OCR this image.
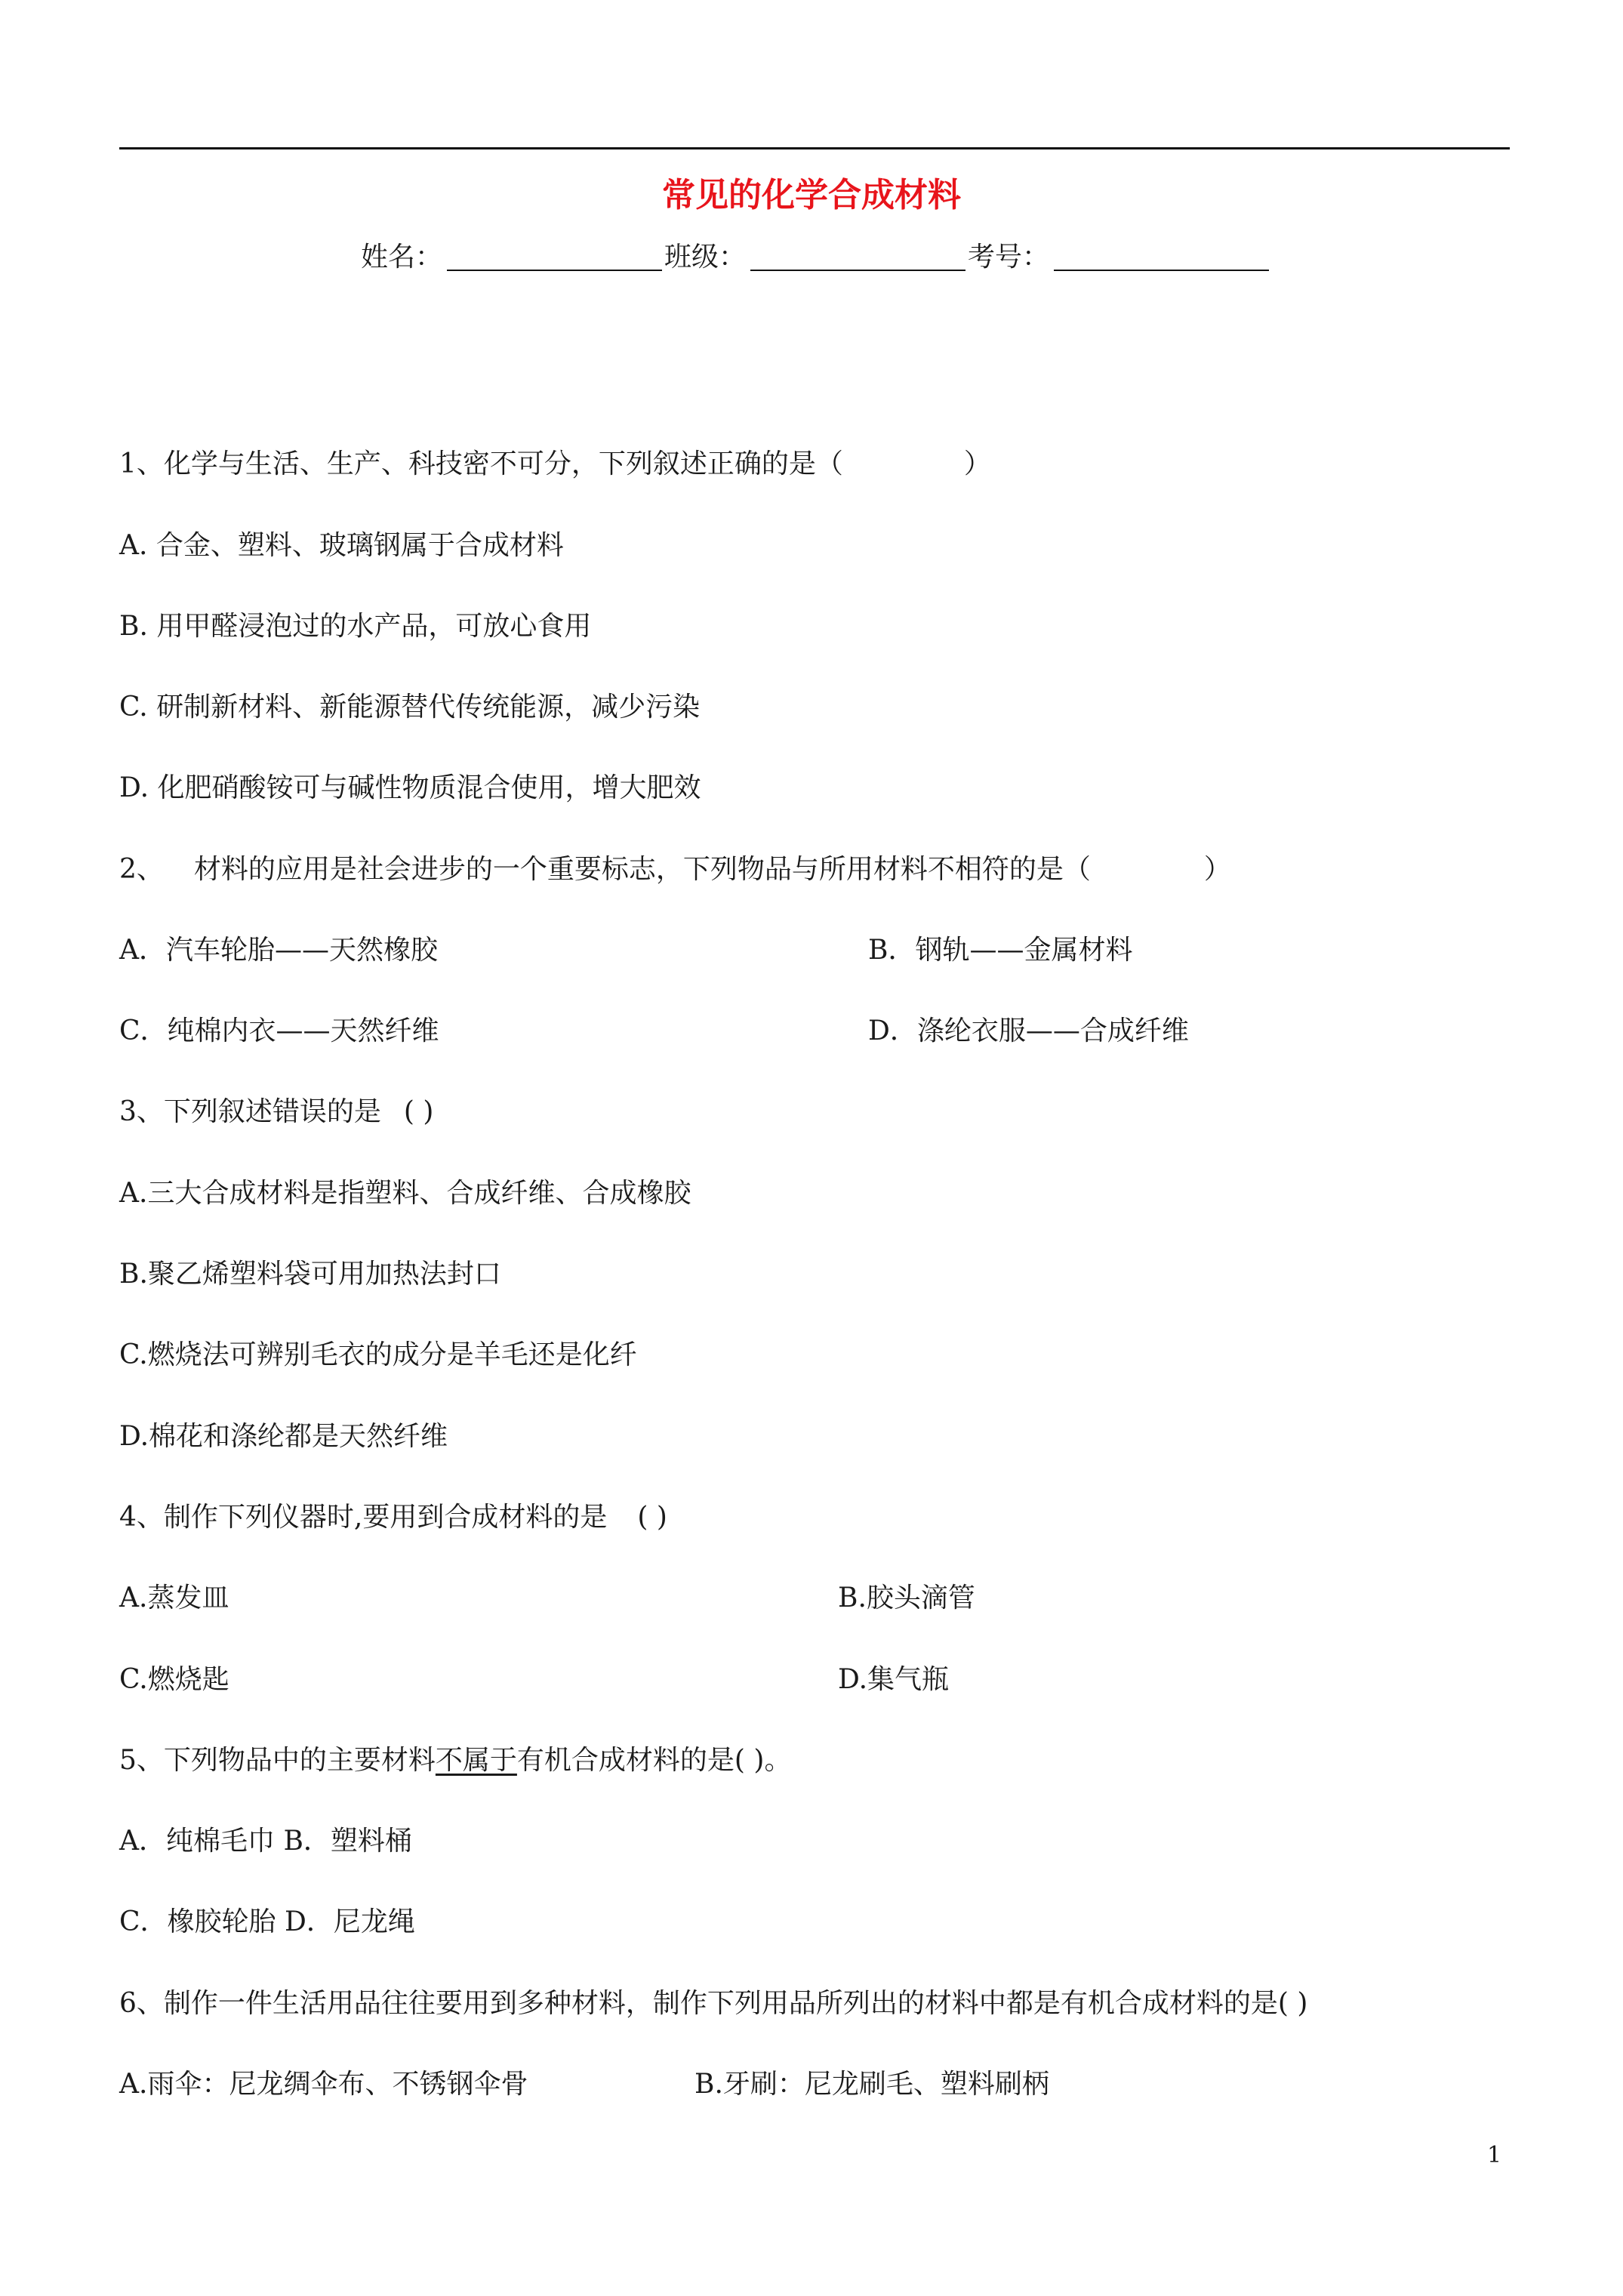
常见的化学合成材料
姓名：	班级：	考号：
1、化学与生活、生产、科技密不可分，下列叙述正确的是（	）
A. 合金、塑料、玻璃钢属于合成材料
B. 用甲醛浸泡过的水产品，可放心食用
C. 研制新材料、新能源替代传统能源，减少污染
D. 化肥硝酸铵可与碱性物质混合使用，增大肥效
2、 材料的应用是社会进步的一个重要标志，下列物品与所用材料不相符的是（	）
A．汽车轮胎——天然橡胶	B．钢轨——金属材料
C．纯棉内衣——天然纤维	D．涤纶衣服——合成纤维
3、下列叙述错误的是 ( )
A.三大合成材料是指塑料、合成纤维、合成橡胶
B.聚乙烯塑料袋可用加热法封口
C.燃烧法可辨别毛衣的成分是羊毛还是化纤
D.棉花和涤纶都是天然纤维
4、制作下列仪器时,要用到合成材料的是 ( )
A.蒸发皿	B.胶头滴管
C.燃烧匙	D.集气瓶
5、下列物品中的主要材料不属于有机合成材料的是( )。
A．纯棉毛巾 B．塑料桶
C．橡胶轮胎 D．尼龙绳
6、制作一件生活用品往往要用到多种材料，制作下列用品所列出的材料中都是有机合成材料的是( )
A.雨伞：尼龙绸伞布、不锈钢伞骨	B.牙刷：尼龙刷毛、塑料刷柄
1
